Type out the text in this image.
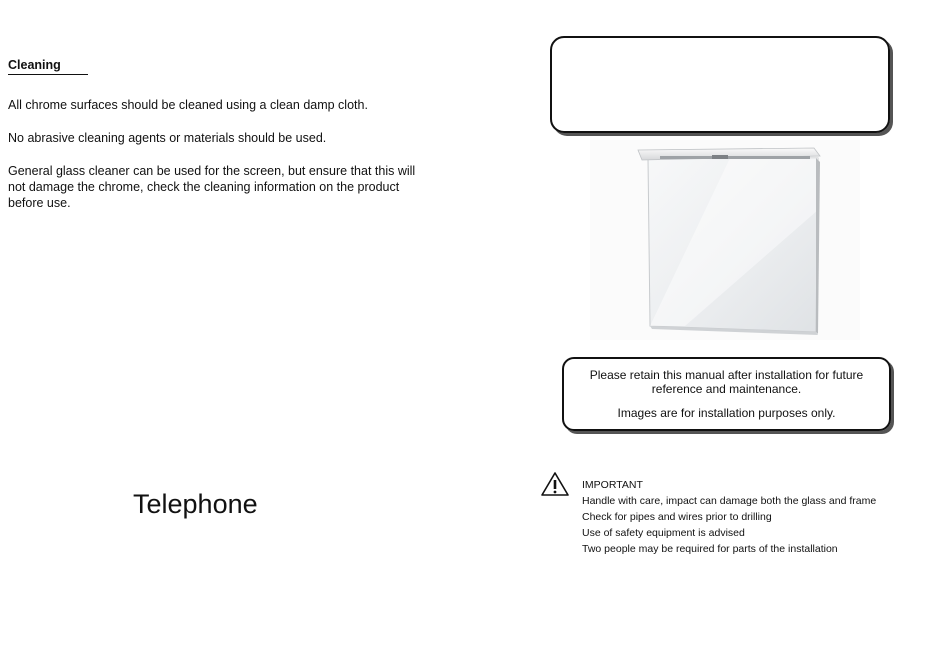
Cleaning
All chrome surfaces should be cleaned using a clean damp cloth.
No abrasive cleaning agents or materials should be used.
General glass cleaner can be used for the screen, but ensure that this will not damage the chrome, check the cleaning information on the product before use.
Telephone
Please retain this manual after installation for future reference and maintenance.
Images are for installation purposes only.
IMPORTANT
Handle with care, impact can damage both the glass and frame
Check for pipes and wires prior to drilling
Use of safety equipment is advised
Two people may be required for parts of the installation
